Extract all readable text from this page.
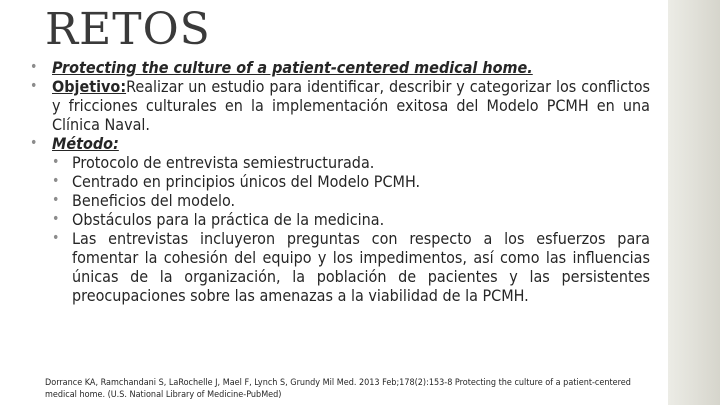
RETOS
• Protecting the culture of a patient-centered medical home.
• Objetivo:Realizar un estudio para identificar, describir y categorizar los conflictos y fricciones culturales en la implementación exitosa del Modelo PCMH en una Clínica Naval.
• Método:
• Protocolo de entrevista semiestructurada.
• Centrado en principios únicos del Modelo PCMH.
• Beneficios del modelo.
• Obstáculos para la práctica de la medicina.
• Las entrevistas incluyeron preguntas con respecto a los esfuerzos para fomentar la cohesión del equipo y los impedimentos, así como las influencias únicas de la organización, la población de pacientes y las persistentes preocupaciones sobre las amenazas a la viabilidad de la PCMH.

Dorrance KA, Ramchandani S, LaRochelle J, Mael F, Lynch S, Grundy Mil Med. 2013 Feb;178(2):153-8 Protecting the culture of a patient-centered medical home. (U.S. National Library of Medicine-PubMed)
